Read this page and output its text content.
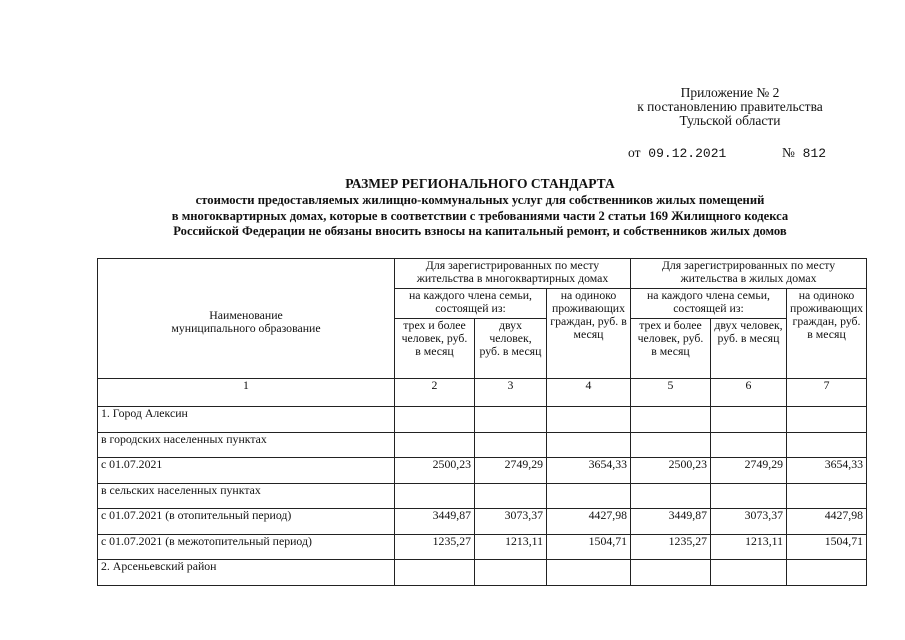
Приложение № 2
к постановлению правительства
Тульской области
от 09.12.2021	№ 812
РАЗМЕР РЕГИОНАЛЬНОГО СТАНДАРТА
стоимости предоставляемых жилищно-коммунальных услуг для собственников жилых помещений
в многоквартирных домах, которые в соответствии с требованиями части 2 статьи 169 Жилищного кодекса
Российской Федерации не обязаны вносить взносы на капитальный ремонт, и собственников жилых домов
Наименование
муниципального образование	Для зарегистрированных по месту жительства в многоквартирных домах			Для зарегистрированных по месту жительства в жилых домах		
	на каждого члена семьи, состоящей из:		на одиноко проживающих граждан, руб. в месяц	на каждого члена семьи, состоящей из:		на одиноко проживающих граждан, руб. в месяц
	трех и более человек, руб. в месяц	двух человек, руб. в месяц		трех и более человек, руб. в месяц	двух человек, руб. в месяц	
1	2	3	4	5	6	7
1. Город Алексин						
в городских населенных пунктах						
с 01.07.2021	2500,23	2749,29	3654,33	2500,23	2749,29	3654,33
в сельских населенных пунктах						
с 01.07.2021 (в отопительный период)	3449,87	3073,37	4427,98	3449,87	3073,37	4427,98
с 01.07.2021 (в межотопительный период)	1235,27	1213,11	1504,71	1235,27	1213,11	1504,71
2. Арсеньевский район						
